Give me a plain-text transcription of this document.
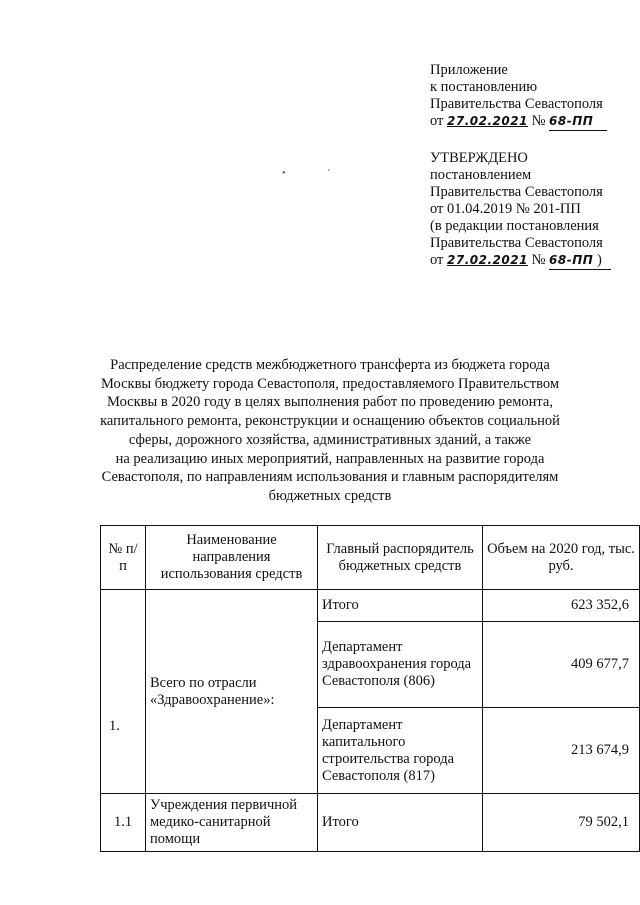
Приложение
к постановлению
Правительства Севастополя
от 27.02.2021 № 68-ПП
•                 '
УТВЕРЖДЕНО
постановлением
Правительства Севастополя
от 01.04.2019 № 201-ПП
(в редакции постановления
Правительства Севастополя
от 27.02.2021 № 68-ПП )
Распределение средств межбюджетного трансферта из бюджета города
Москвы бюджету города Севастополя, предоставляемого Правительством
Москвы в 2020 году в целях выполнения работ по проведению ремонта,
капитального ремонта, реконструкции и оснащению объектов социальной
сферы, дорожного хозяйства, административных зданий, а также
на реализацию иных мероприятий, направленных на развитие города
Севастополя, по направлениям использования и главным распорядителям
бюджетных средств
№ п/п	Наименование направления использования средств	Главный распорядитель бюджетных средств	Объем на 2020 год, тыс. руб.
1.	Всего по отрасли «Здравоохранение»:	Итого	623 352,6
		Департамент здравоохранения города Севастополя (806)	409 677,7
		Департамент капитального строительства города Севастополя (817)	213 674,9
1.1	Учреждения первичной медико-санитарной помощи	Итого	79 502,1
